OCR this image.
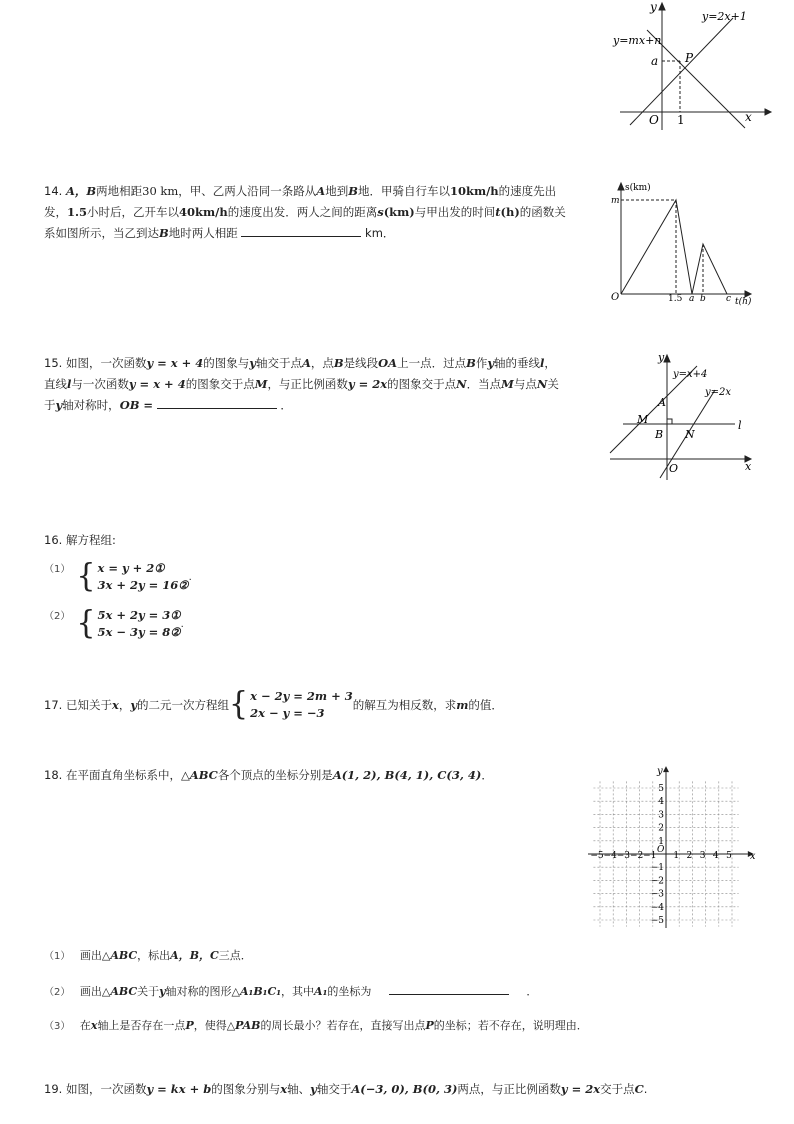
y
x
O
y=2x+1
y=mx+n
P
a
1
14. A，B两地相距30 km，甲、乙两人沿同一条路从A地到B地．甲骑自行车以10km/h的速度先出
发，1.5小时后，乙开车以40km/h的速度出发．两人之间的距离s(km)与甲出发的时间t(h)的函数关
系如图所示，当乙到达B地时两人相距	km．
s(km)
m
O	1.5 a b c t(h)
15. 如图，一次函数y = x + 4的图象与y轴交于点A，点B是线段OA上一点．过点B作y轴的垂线l，
直线l与一次函数y = x + 4的图象交于点M，与正比例函数y = 2x的图象交于点N．当点M与点N关
于y轴对称时，OB =	．
y
x
O
A
M
B N
l
y=x+4
y=2x
16. 解方程组:
（1） { x = y + 2①
3x + 2y = 16②
.
（2） { 5x + 2y = 3①
5x − 3y = 8②
.
17. 已知关于 x ， y 的二元一次方程组 { x − 2y = 2m + 3
2x − y = −3
的解互为相反数，求 m 的值．
18. 在平面直角坐标系中，△ABC各个顶点的坐标分别是A(1, 2), B(4, 1), C(3, 4)．
−5 −4 −3 −2 −1 1 2 3 4 5
5
4
3
2
1
−1
−2
−3
−4
−5
x
y
O
（1） 画出△ABC，标出A，B，C三点．
（2） 画出△ABC关于y轴对称的图形△A₁B₁C₁，其中A₁的坐标为	．
（3） 在x轴上是否存在一点P，使得△PAB的周长最小？若存在，直接写出点P的坐标；若不存在，说明理由．
19. 如图，一次函数y = kx + b的图象分别与x轴、y轴交于A(−3, 0), B(0, 3)两点，与正比例函数y = 2x交于点C.
